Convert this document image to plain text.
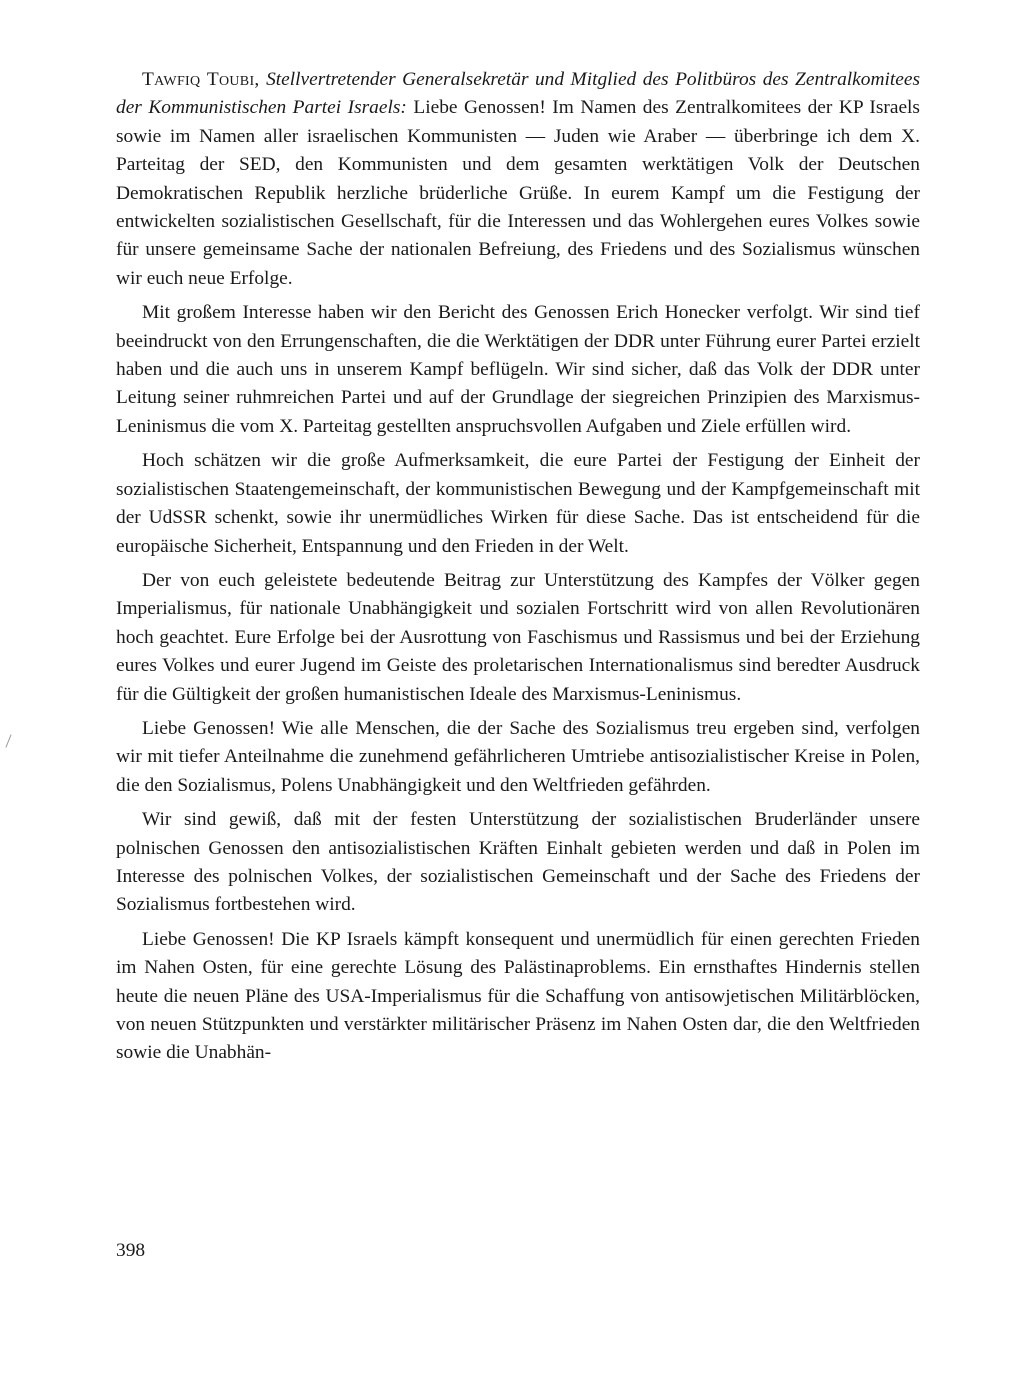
Tawfiq Toubi, Stellvertretender Generalsekretär und Mitglied des Politbüros des Zentralkomitees der Kommunistischen Partei Israels: Liebe Genossen! Im Namen des Zentralkomitees der KP Israels sowie im Namen aller israelischen Kommunisten — Juden wie Araber — überbringe ich dem X. Parteitag der SED, den Kommunisten und dem gesamten werktätigen Volk der Deutschen Demokratischen Republik herzliche brüderliche Grüße. In eurem Kampf um die Festigung der entwickelten sozialistischen Gesellschaft, für die Interessen und das Wohlergehen eures Volkes sowie für unsere gemeinsame Sache der nationalen Befreiung, des Friedens und des Sozialismus wünschen wir euch neue Erfolge.

Mit großem Interesse haben wir den Bericht des Genossen Erich Honecker verfolgt. Wir sind tief beeindruckt von den Errungenschaften, die die Werktätigen der DDR unter Führung eurer Partei erzielt haben und die auch uns in unserem Kampf beflügeln. Wir sind sicher, daß das Volk der DDR unter Leitung seiner ruhmreichen Partei und auf der Grundlage der siegreichen Prinzipien des Marxismus-Leninismus die vom X. Parteitag gestellten anspruchsvollen Aufgaben und Ziele erfüllen wird.

Hoch schätzen wir die große Aufmerksamkeit, die eure Partei der Festigung der Einheit der sozialistischen Staatengemeinschaft, der kommunistischen Bewegung und der Kampfgemeinschaft mit der UdSSR schenkt, sowie ihr unermüdliches Wirken für diese Sache. Das ist entscheidend für die europäische Sicherheit, Entspannung und den Frieden in der Welt.

Der von euch geleistete bedeutende Beitrag zur Unterstützung des Kampfes der Völker gegen Imperialismus, für nationale Unabhängigkeit und sozialen Fortschritt wird von allen Revolutionären hoch geachtet. Eure Erfolge bei der Ausrottung von Faschismus und Rassismus und bei der Erziehung eures Volkes und eurer Jugend im Geiste des proletarischen Internationalismus sind beredter Ausdruck für die Gültigkeit der großen humanistischen Ideale des Marxismus-Leninismus.

Liebe Genossen! Wie alle Menschen, die der Sache des Sozialismus treu ergeben sind, verfolgen wir mit tiefer Anteilnahme die zunehmend gefährlicheren Umtriebe antisozialistischer Kreise in Polen, die den Sozialismus, Polens Unabhängigkeit und den Weltfrieden gefährden.

Wir sind gewiß, daß mit der festen Unterstützung der sozialistischen Bruderländer unsere polnischen Genossen den antisozialistischen Kräften Einhalt gebieten werden und daß in Polen im Interesse des polnischen Volkes, der sozialistischen Gemeinschaft und der Sache des Friedens der Sozialismus fortbestehen wird.

Liebe Genossen! Die KP Israels kämpft konsequent und unermüdlich für einen gerechten Frieden im Nahen Osten, für eine gerechte Lösung des Palästinaproblems. Ein ernsthaftes Hindernis stellen heute die neuen Pläne des USA-Imperialismus für die Schaffung von antisowjetischen Militärblöcken, von neuen Stützpunkten und verstärkter militärischer Präsenz im Nahen Osten dar, die den Weltfrieden sowie die Unabhän-

398
